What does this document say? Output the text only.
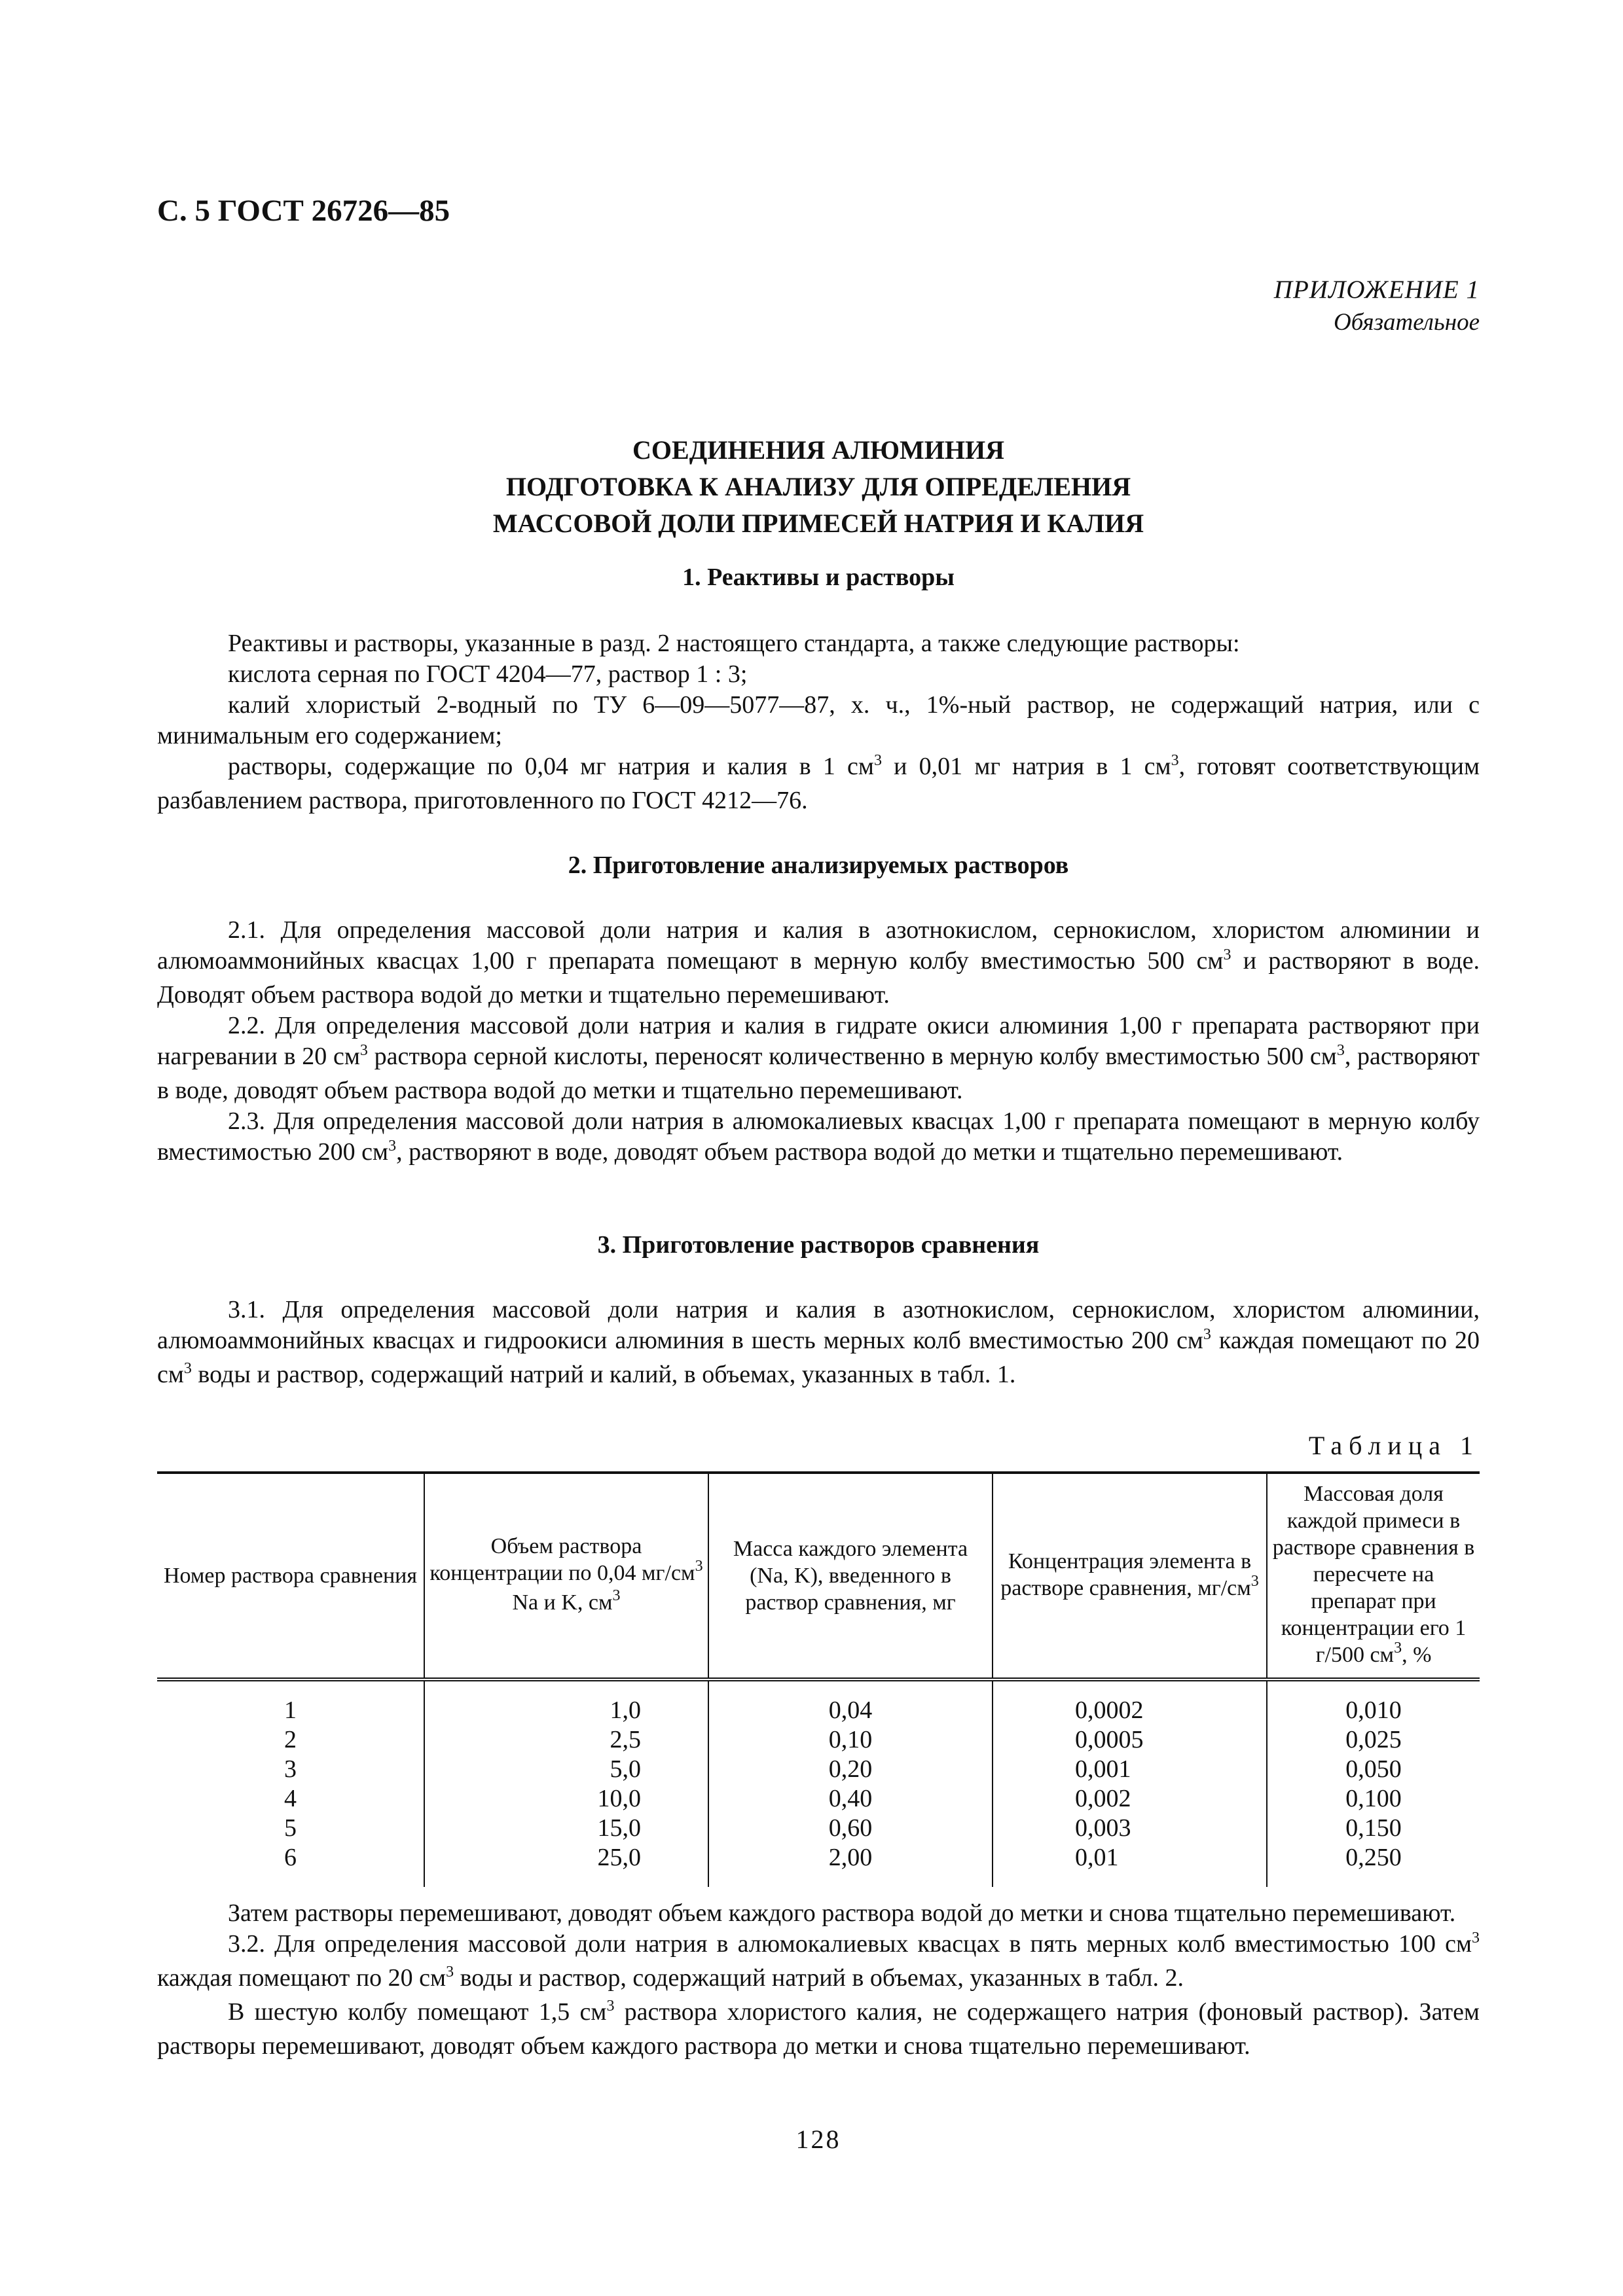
С. 5 ГОСТ 26726—85
ПРИЛОЖЕНИЕ 1
Обязательное
СОЕДИНЕНИЯ АЛЮМИНИЯ
ПОДГОТОВКА К АНАЛИЗУ ДЛЯ ОПРЕДЕЛЕНИЯ
МАССОВОЙ ДОЛИ ПРИМЕСЕЙ НАТРИЯ И КАЛИЯ
1. Реактивы и растворы

Реактивы и растворы, указанные в разд. 2 настоящего стандарта, а также следующие растворы:

кислота серная по ГОСТ 4204—77, раствор 1 : 3;

калий хлористый 2-водный по ТУ 6—09—5077—87, х. ч., 1%-ный раствор, не содержащий натрия, или с минимальным его содержанием;

растворы, содержащие по 0,04 мг натрия и калия в 1 $см^3$ и 0,01 мг натрия в 1 $см^3$, готовят соответствующим разбавлением раствора, приготовленного по ГОСТ 4212—76.

2. Приготовление анализируемых растворов

2.1. Для определения массовой доли натрия и калия в азотнокислом, сернокислом, хлористом алюминии и алюмоаммонийных квасцах 1,00 г препарата помещают в мерную колбу вместимостью 500 $см^3$ и растворяют в воде. Доводят объем раствора водой до метки и тщательно перемешивают.

2.2. Для определения массовой доли натрия и калия в гидрате окиси алюминия 1,00 г препарата растворяют при нагревании в 20 $см^3$ раствора серной кислоты, переносят количественно в мерную колбу вместимостью 500 $см^3$, растворяют в воде, доводят объем раствора водой до метки и тщательно перемешивают.

2.3. Для определения массовой доли натрия в алюмокалиевых квасцах 1,00 г препарата помещают в мерную колбу вместимостью 200 $см^3$, растворяют в воде, доводят объем раствора водой до метки и тщательно перемешивают.

3. Приготовление растворов сравнения

3.1. Для определения массовой доли натрия и калия в азотнокислом, сернокислом, хлористом алюминии, алюмоаммонийных квасцах и гидроокиси алюминия в шесть мерных колб вместимостью 200 $см^3$ каждая помещают по 20 $см^3$ воды и раствор, содержащий натрий и калий, в объемах, указанных в табл. 1.

Таблица 1
Номер раствора сравнения	Объем раствора концентрации по 0,04 $мг/см^3$ Na и K, $см^3$	Масса каждого элемента (Na, K), введенного в раствор сравнения, мг	Концентрация элемента в растворе сравнения, $мг/см^3$	Массовая доля каждой примеси в растворе сравнения в пересчете на препарат при концентрации его 1 г/500 $см^3$, %
1	1,0	0,04	0,0002	0,010
2	2,5	0,10	0,0005	0,025
3	5,0	0,20	0,001	0,050
4	10,0	0,40	0,002	0,100
5	15,0	0,60	0,003	0,150
6	25,0	2,00	0,01	0,250

Затем растворы перемешивают, доводят объем каждого раствора водой до метки и снова тщательно перемешивают.

3.2. Для определения массовой доли натрия в алюмокалиевых квасцах в пять мерных колб вместимостью 100 $см^3$ каждая помещают по 20 $см^3$ воды и раствор, содержащий натрий в объемах, указанных в табл. 2.

В шестую колбу помещают 1,5 $см^3$ раствора хлористого калия, не содержащего натрия (фоновый раствор). Затем растворы перемешивают, доводят объем каждого раствора до метки и снова тщательно перемешивают.

128
